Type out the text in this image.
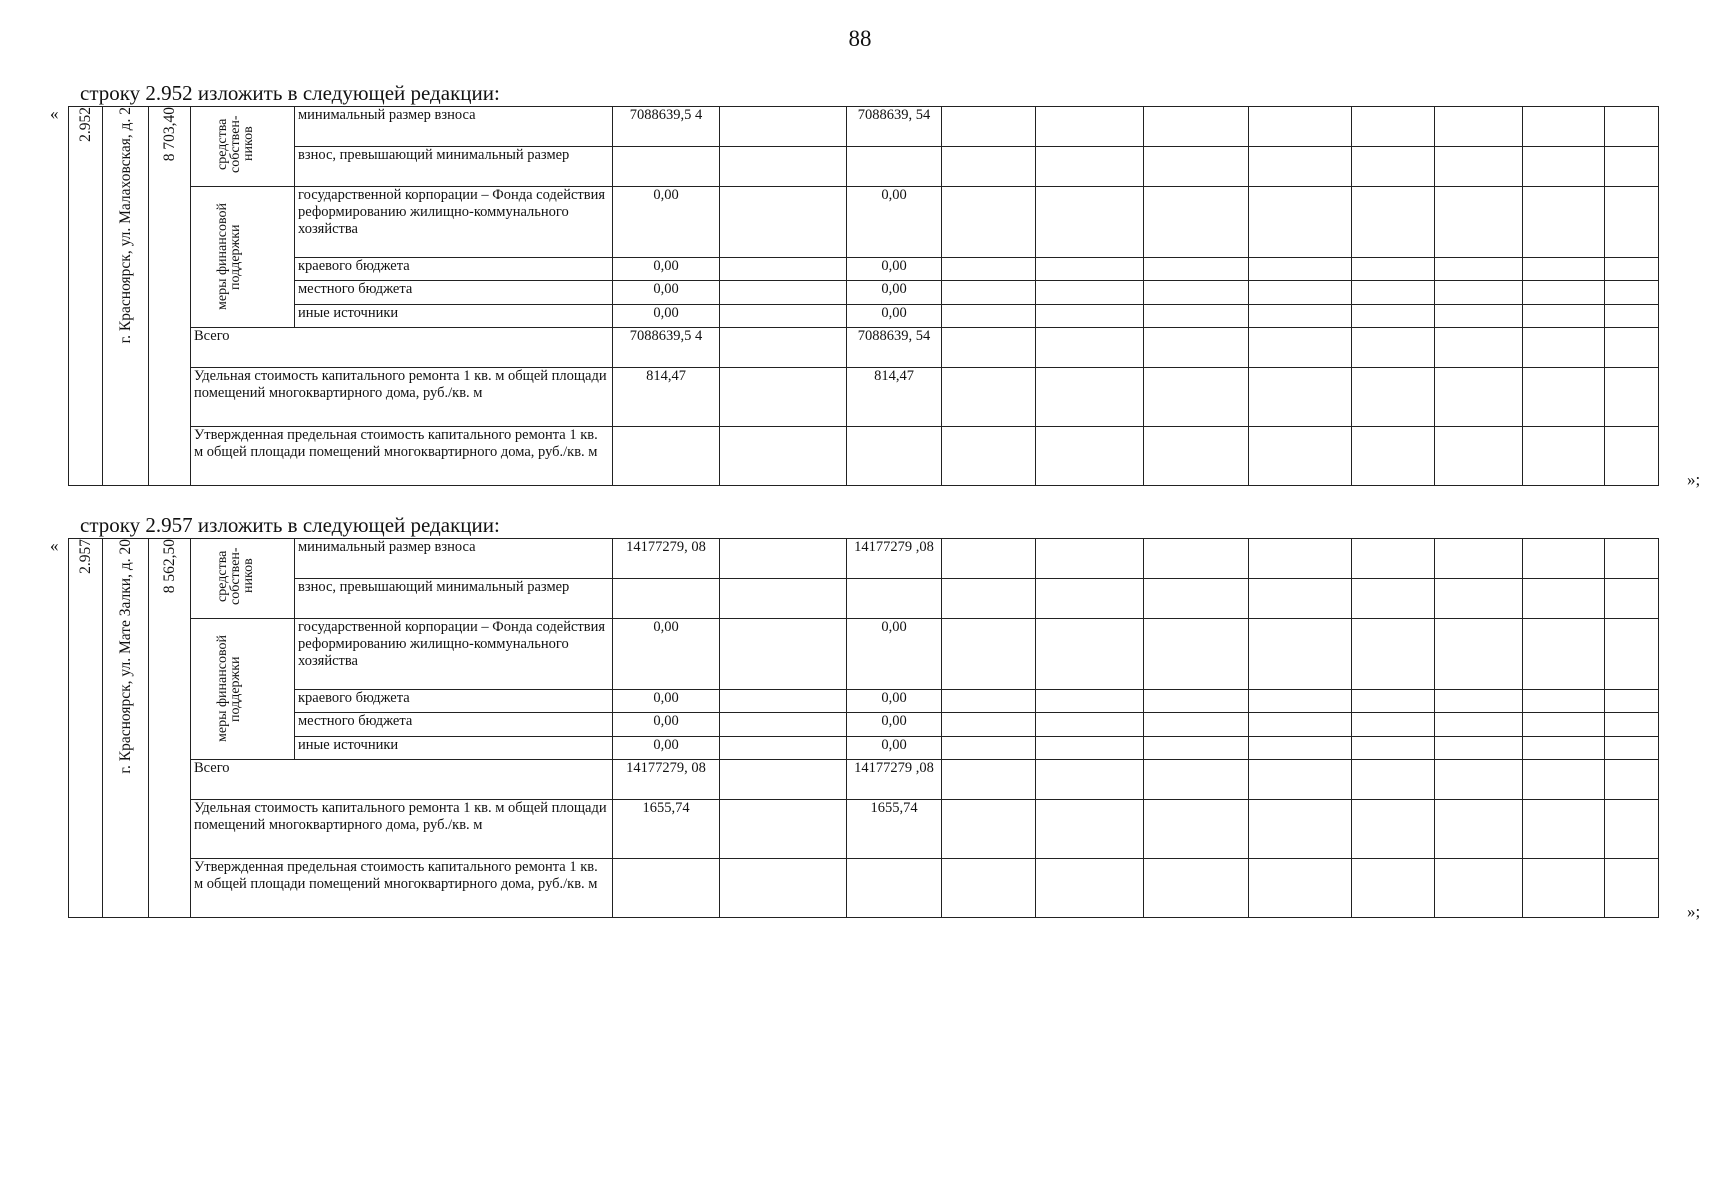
88
строку 2.952 изложить в следующей редакции:
« 2.952	г. Красноярск, ул. Малаховская, д. 2	8 703,40	средства собствен-ников	минимальный размер взноса	7088639,5 4		7088639, 54								
				взнос, превышающий минимальный размер											

			меры финансовой поддержки	государственной корпорации – Фонда содействия реформированию жилищно-коммунального хозяйства	0,00		0,00								
				краевого бюджета	0,00		0,00								
				местного бюджета	0,00		0,00								
				иные источники	0,00		0,00								
			Всего		7088639,5 4		7088639, 54								
			Удельная стоимость капитального ремонта 1 кв. м общей площади помещений многоквартирного дома, руб./кв. м		814,47		814,47								
			Утвержденная предельная стоимость капитального ремонта 1 кв. м общей площади помещений многоквартирного дома, руб./кв. м												
»;
строку 2.957 изложить в следующей редакции:
« 2.957	г. Красноярск, ул. Мате Залки, д. 20	8 562,50	средства собствен-ников	минимальный размер взноса	14177279, 08		14177279 ,08								
				взнос, превышающий минимальный размер											

			меры финансовой поддержки	государственной корпорации – Фонда содействия реформированию жилищно-коммунального хозяйства	0,00		0,00								
				краевого бюджета	0,00		0,00								
				местного бюджета	0,00		0,00								
				иные источники	0,00		0,00								
			Всего		14177279, 08		14177279 ,08								
			Удельная стоимость капитального ремонта 1 кв. м общей площади помещений многоквартирного дома, руб./кв. м		1655,74		1655,74								
			Утвержденная предельная стоимость капитального ремонта 1 кв. м общей площади помещений многоквартирного дома, руб./кв. м												
»;
